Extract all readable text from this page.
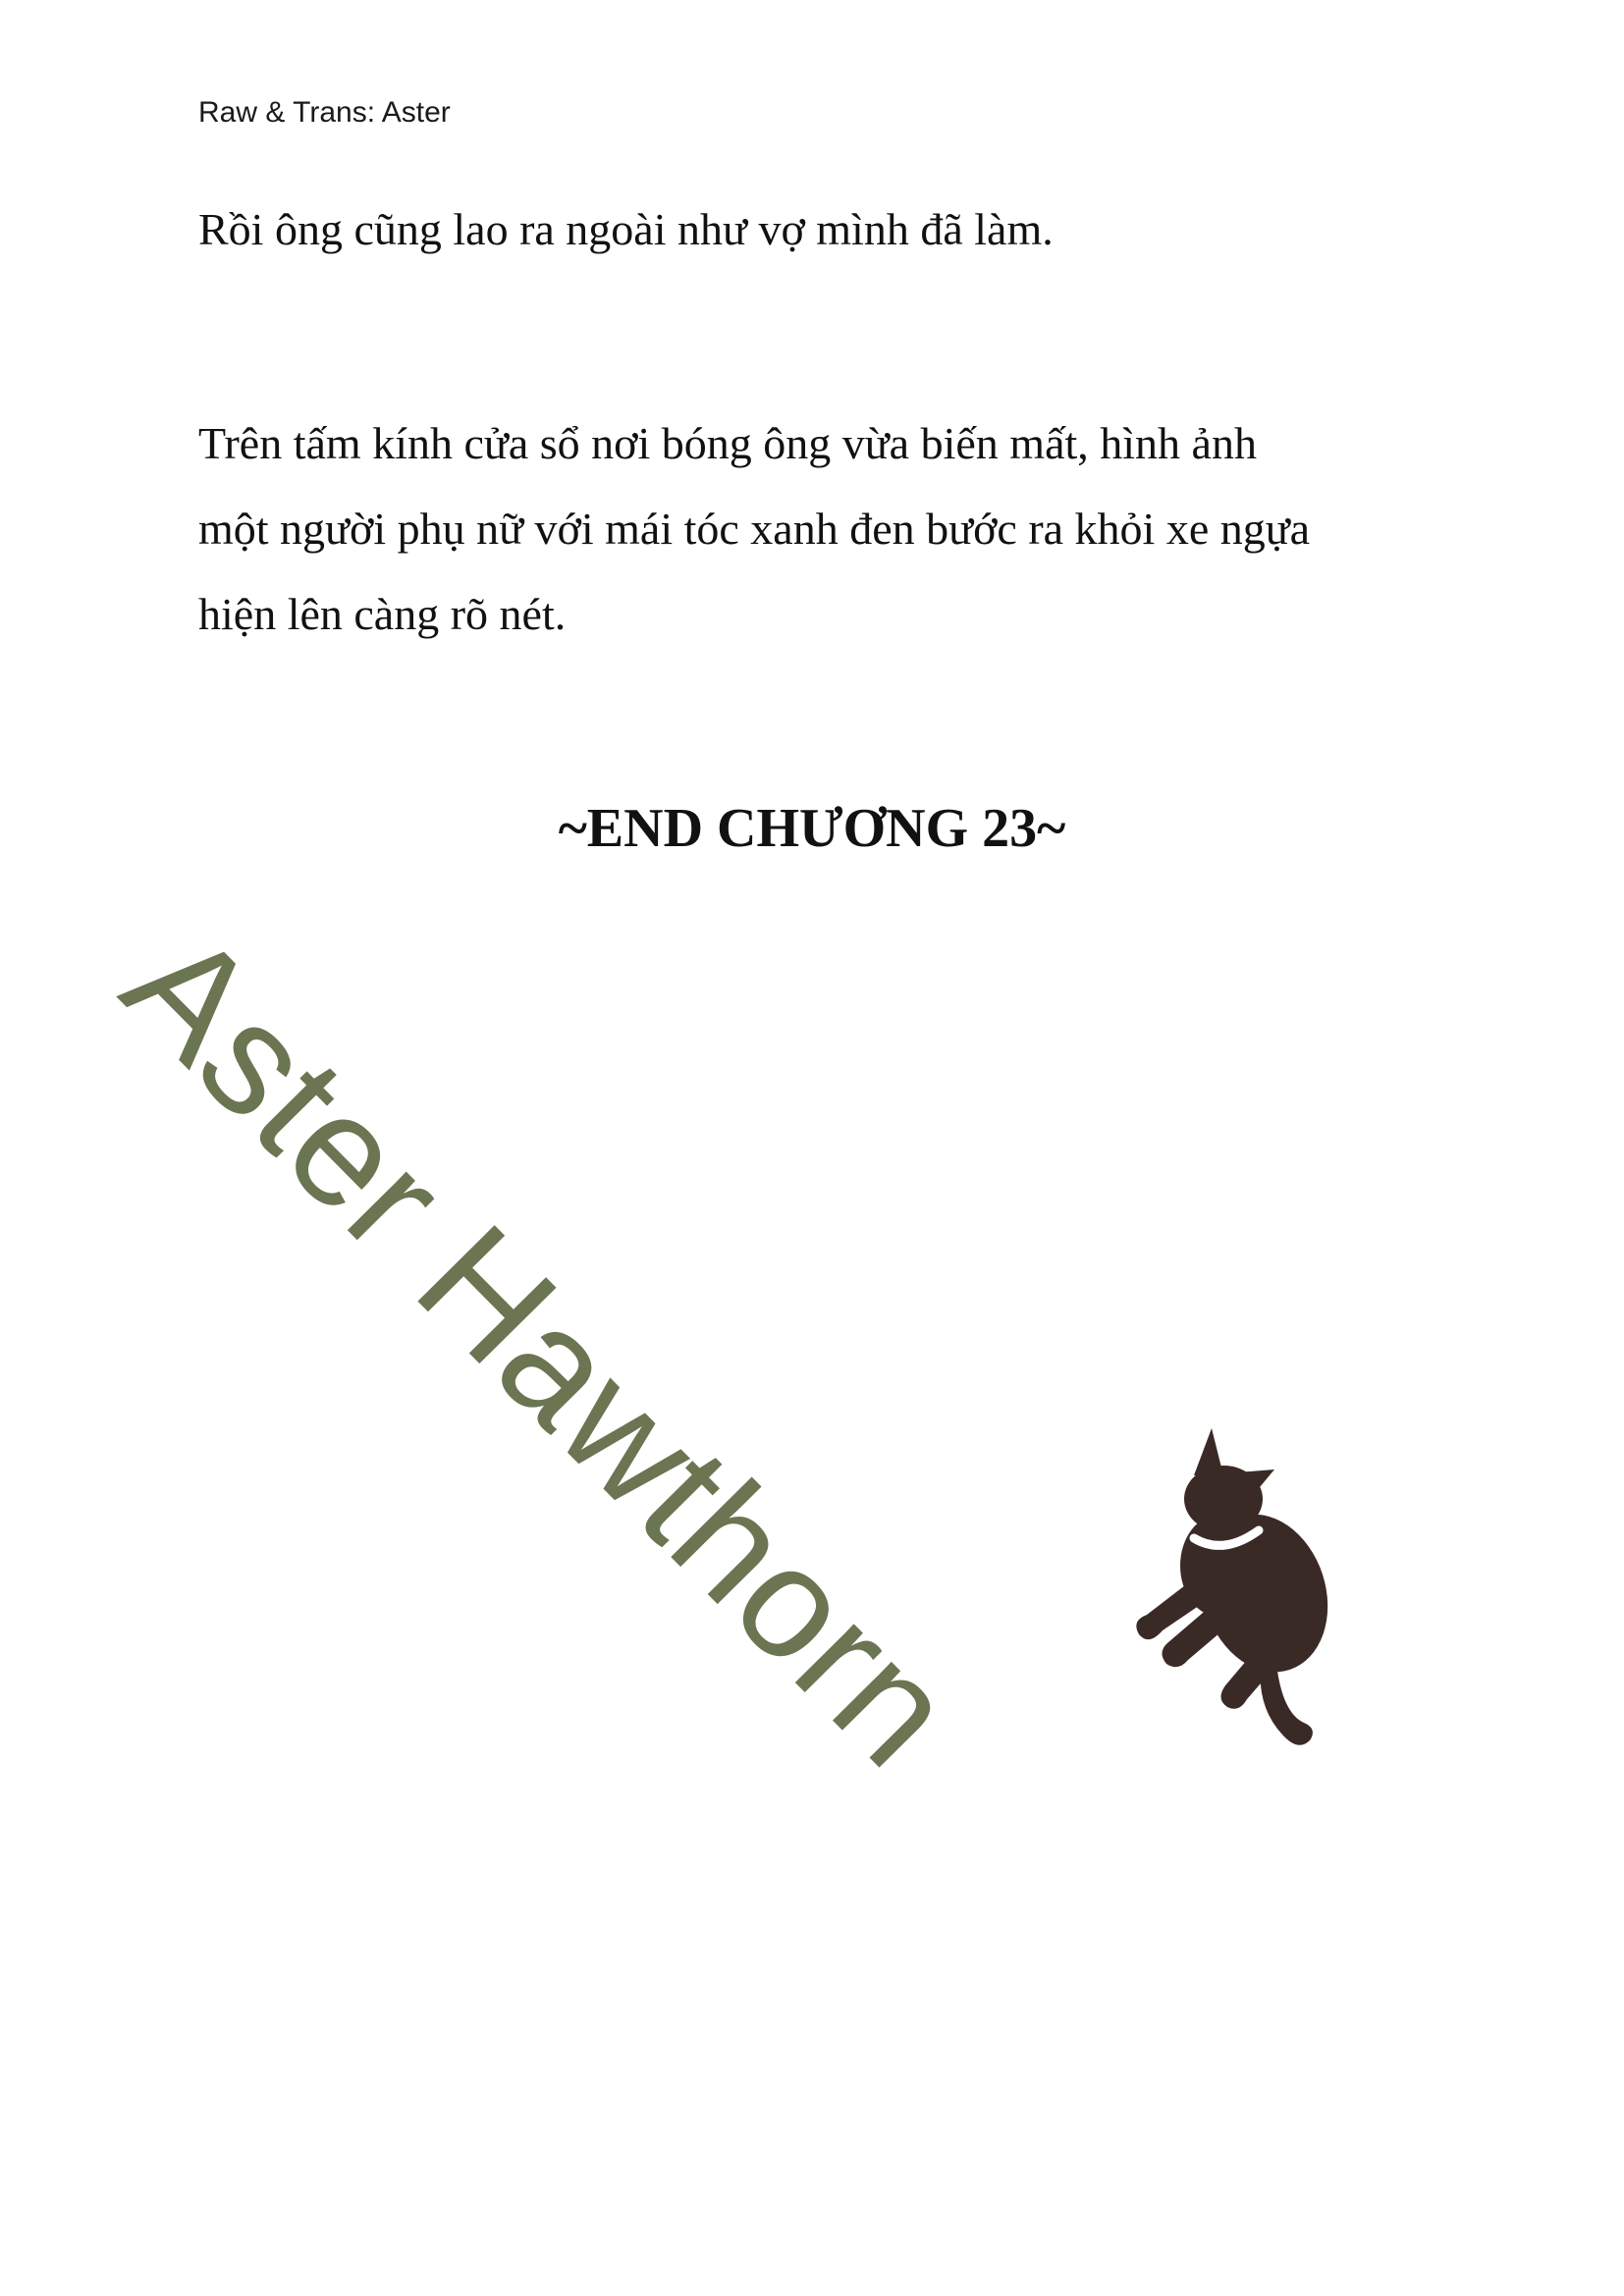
Raw & Trans: Aster

Rồi ông cũng lao ra ngoài như vợ mình đã làm.

Trên tấm kính cửa sổ nơi bóng ông vừa biến mất, hình ảnh
một người phụ nữ với mái tóc xanh đen bước ra khỏi xe ngựa
hiện lên càng rõ nét.

~END CHƯƠNG 23~
Aster Hawthorn
